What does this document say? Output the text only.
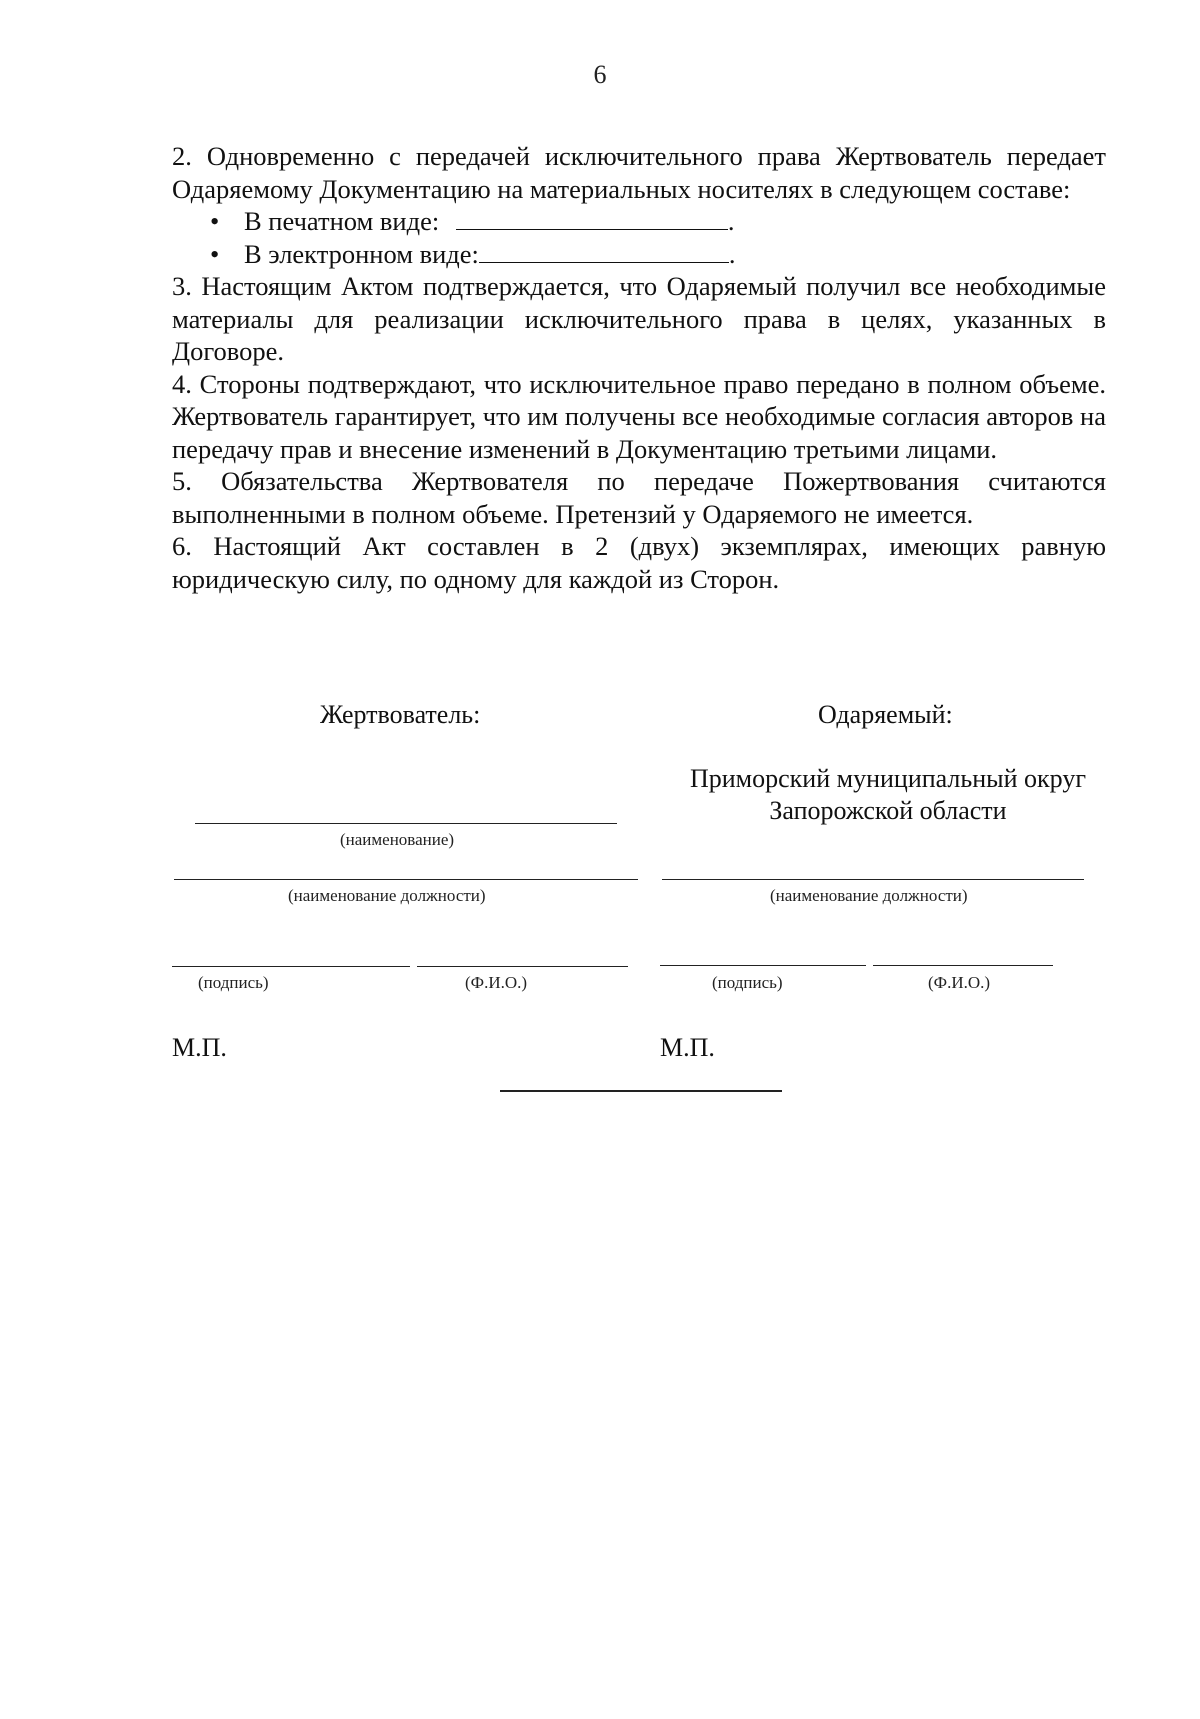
6

2. Одновременно с передачей исключительного права Жертвователь передает Одаряемому Документацию на материальных носителях в следующем составе:

• В печатном виде:	.
• В электронном виде:	.

3. Настоящим Актом подтверждается, что Одаряемый получил все необходимые материалы для реализации исключительного права в целях, указанных в Договоре.

4. Стороны подтверждают, что исключительное право передано в полном объеме. Жертвователь гарантирует, что им получены все необходимые согласия авторов на передачу прав и внесение изменений в Документацию третьими лицами.

5. Обязательства Жертвователя по передаче Пожертвования считаются выполненными в полном объеме. Претензий у Одаряемого не имеется.

6. Настоящий Акт составлен в 2 (двух) экземплярах, имеющих равную юридическую силу, по одному для каждой из Сторон.

Жертвователь:
(наименование)
(наименование должности)
(подпись)	(Ф.И.О.)
М.П.
Одаряемый:
Приморский муниципальный округ
Запорожской области
(наименование должности)
(подпись)	(Ф.И.О.)
М.П.
